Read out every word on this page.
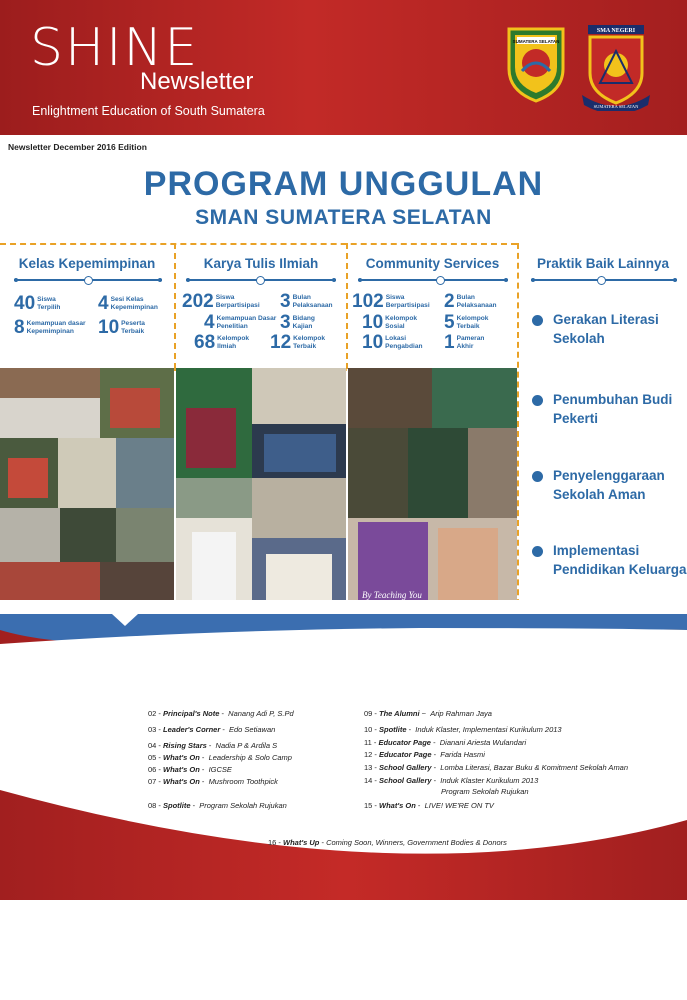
SHINE
Newsletter
Enlightment Education of South Sumatera
SUMATERA SELATAN
SMA NEGERI
SUMATERA SELATAN
Newsletter December 2016 Edition
PROGRAM UNGGULAN
SMAN SUMATERA SELATAN
Kelas Kepemimpinan
40 Siswa Terpilih	4 Sesi Kelas Kepemimpinan
8 Kemampuan dasar Kepemimpinan	10 Peserta Terbaik
Karya Tulis Ilmiah
202 Siswa Berpartisipasi	3 Bulan Pelaksanaan
4 Kemampuan Dasar Penelitian	3 Bidang Kajian
68 Kelompok Ilmiah	12 Kelompok Terbaik
Community Services
102 Siswa Berpartisipasi 2 Bulan Pelaksanaan
10 Kelompok Sosial	5 Kelompok Terbaik
10 Lokasi Pengabdian 1 Pameran Akhir
Praktik Baik Lainnya
Gerakan Literasi Sekolah
Penumbuhan Budi Pekerti
Penyelenggaraan Sekolah Aman
Implementasi Pendidikan Keluarga
By Teaching You
02 - Principal's Note -  Nanang Adi P, S.Pd
03 - Leader's Corner -  Edo Setiawan
04 - Rising Stars -  Nadia P & Ardila S
05 - What's On -  Leadership & Solo Camp
06 - What's On -  IGCSE
07 - What's On -  Mushroom Toothpick
08 - Spotlite -  Program Sekolah Rujukan
09 - The Alumni ~  Arip Rahman Jaya
10 - Spotlite -  Induk Klaster, Implementasi Kurikulum 2013
11 - Educator Page -  Dianani Ariesta Wulandari
12 - Educator Page -  Farida Hasmi
13 - School Gallery -  Lomba Literasi, Bazar Buku & Komitment Sekolah Aman
14 - School Gallery -  Induk Klaster Kurikulum 2013
Program Sekolah Rujukan
15 - What's On -  LIVE! WE'RE ON TV
16 - What's Up - Coming Soon, Winners, Government Bodies & Donors
Learn today, Lead tomorrow
